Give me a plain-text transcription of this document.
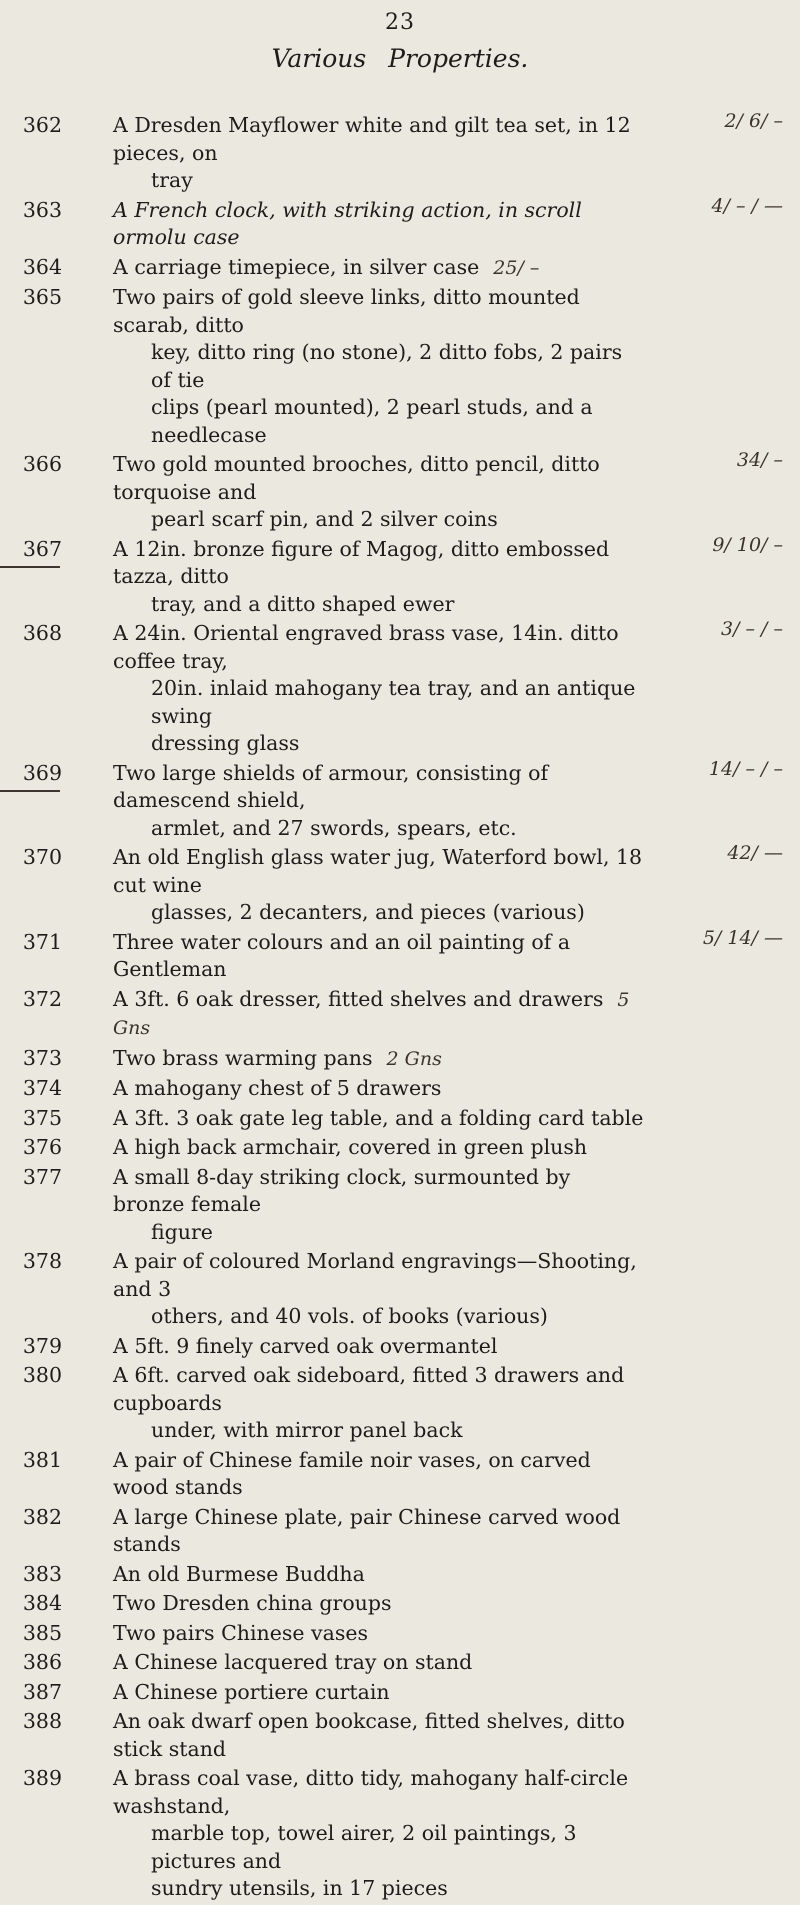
23
Various Properties.
362 A Dresden Mayflower white and gilt tea set, in 12 pieces, on
tray
2/ 6/ –
363 A French clock, with striking action, in scroll ormolu case
4/ – / —
364 A carriage timepiece, in silver case 25/ –
365 Two pairs of gold sleeve links, ditto mounted scarab, ditto
key, ditto ring (no stone), 2 ditto fobs, 2 pairs of tie
clips (pearl mounted), 2 pearl studs, and a needlecase
366 Two gold mounted brooches, ditto pencil, ditto torquoise and
pearl scarf pin, and 2 silver coins
34/ –
367 A 12in. bronze figure of Magog, ditto embossed tazza, ditto
tray, and a ditto shaped ewer
9/ 10/ –
368 A 24in. Oriental engraved brass vase, 14in. ditto coffee tray,
20in. inlaid mahogany tea tray, and an antique swing
dressing glass
3/ – / –
369 Two large shields of armour, consisting of damescend shield,
armlet, and 27 swords, spears, etc.
14/ – / –
370 An old English glass water jug, Waterford bowl, 18 cut wine
glasses, 2 decanters, and pieces (various)
42/ —
371 Three water colours and an oil painting of a Gentleman
5/ 14/ —
372 A 3ft. 6 oak dresser, fitted shelves and drawers 5 Gns
373 Two brass warming pans 2 Gns
374 A mahogany chest of 5 drawers
375 A 3ft. 3 oak gate leg table, and a folding card table
376 A high back armchair, covered in green plush
377 A small 8-day striking clock, surmounted by bronze female
figure
378 A pair of coloured Morland engravings—Shooting, and 3
others, and 40 vols. of books (various)
379 A 5ft. 9 finely carved oak overmantel
380 A 6ft. carved oak sideboard, fitted 3 drawers and cupboards
under, with mirror panel back
381 A pair of Chinese famile noir vases, on carved wood stands
382 A large Chinese plate, pair Chinese carved wood stands
383 An old Burmese Buddha
384 Two Dresden china groups
385 Two pairs Chinese vases
386 A Chinese lacquered tray on stand
387 A Chinese portiere curtain
388 An oak dwarf open bookcase, fitted shelves, ditto stick stand
389 A brass coal vase, ditto tidy, mahogany half-circle washstand,
marble top, towel airer, 2 oil paintings, 3 pictures and
sundry utensils, in 17 pieces
